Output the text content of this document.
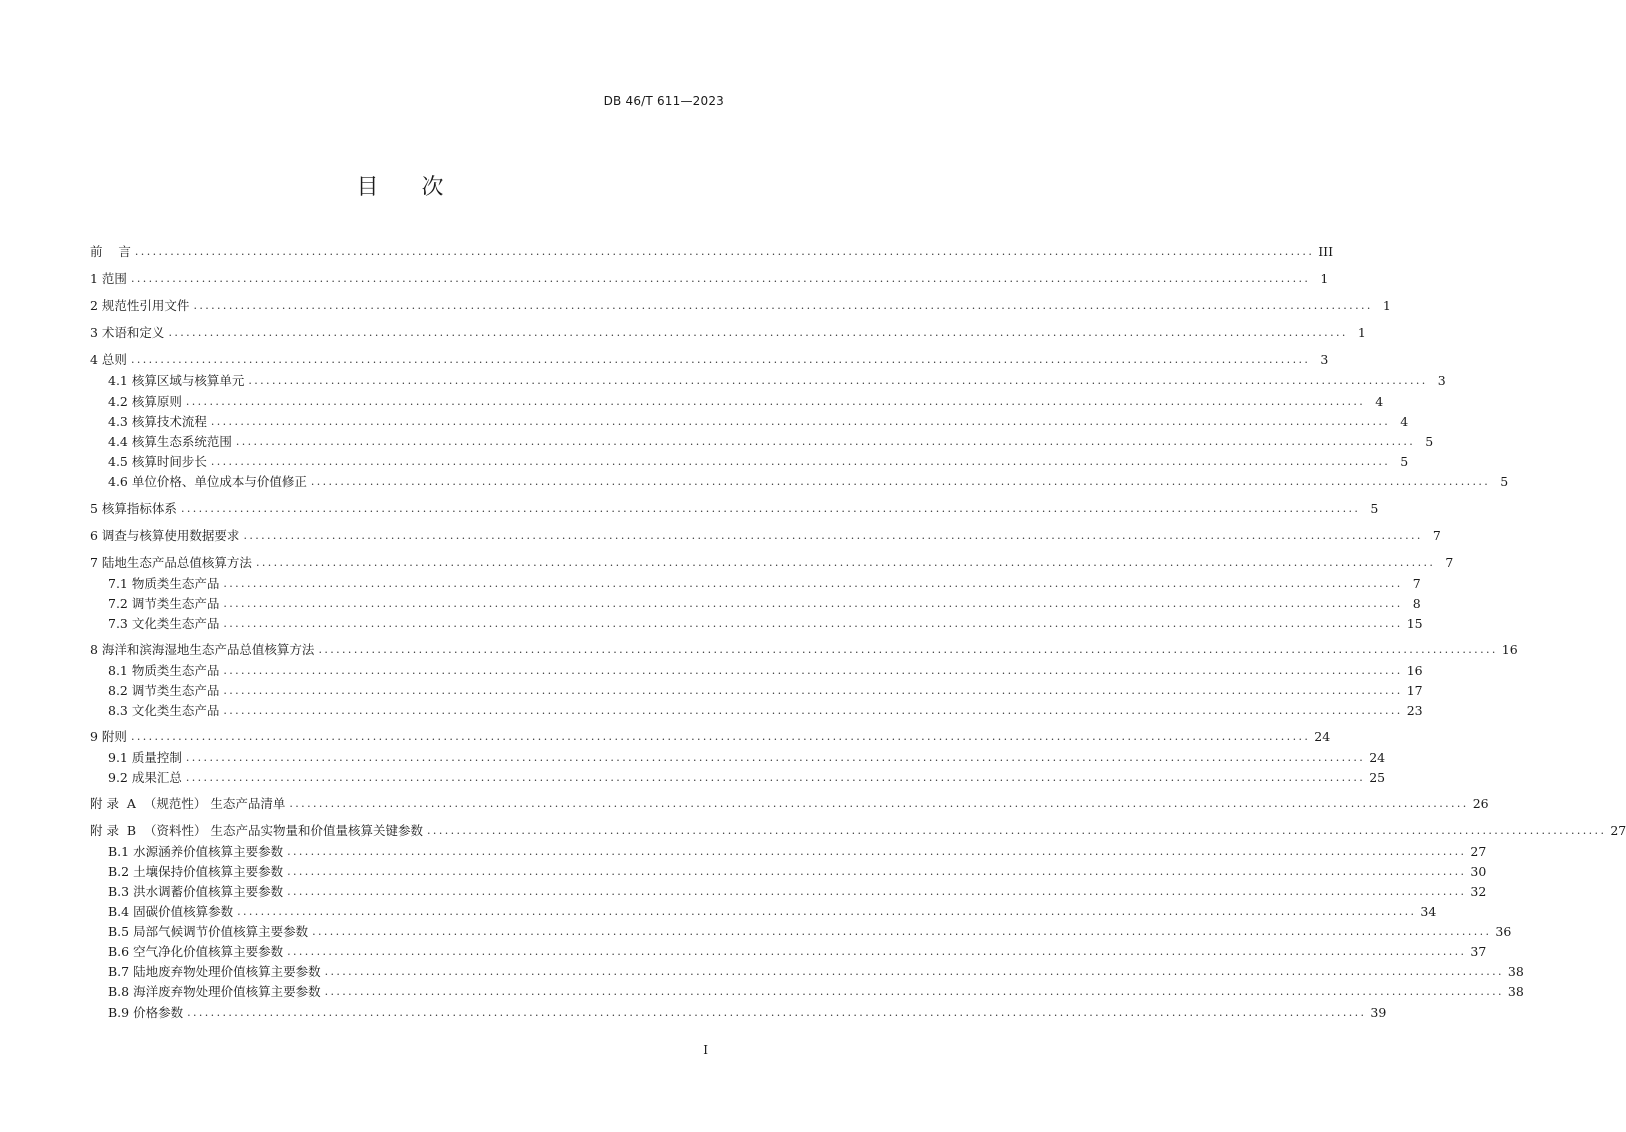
DB 46/T 611—2023
目 次
前    言 ........................................................................................................................................................................................................ III
1 范围 ........................................................................................................................................................................................................ 1
2 规范性引用文件 ........................................................................................................................................................................................................ 1
3 术语和定义 ........................................................................................................................................................................................................ 1
4 总则 ........................................................................................................................................................................................................ 3
4.1 核算区域与核算单元 ........................................................................................................................................................................................................ 3
4.2 核算原则 ........................................................................................................................................................................................................ 4
4.3 核算技术流程 ........................................................................................................................................................................................................ 4
4.4 核算生态系统范围 ........................................................................................................................................................................................................ 5
4.5 核算时间步长 ........................................................................................................................................................................................................ 5
4.6 单位价格、单位成本与价值修正 ........................................................................................................................................................................................................ 5
5 核算指标体系 ........................................................................................................................................................................................................ 5
6 调查与核算使用数据要求 ........................................................................................................................................................................................................ 7
7 陆地生态产品总值核算方法 ........................................................................................................................................................................................................ 7
7.1 物质类生态产品 ........................................................................................................................................................................................................ 7
7.2 调节类生态产品 ........................................................................................................................................................................................................ 8
7.3 文化类生态产品 ........................................................................................................................................................................................................ 15
8 海洋和滨海湿地生态产品总值核算方法 ........................................................................................................................................................................................................ 16
8.1 物质类生态产品 ........................................................................................................................................................................................................ 16
8.2 调节类生态产品 ........................................................................................................................................................................................................ 17
8.3 文化类生态产品 ........................................................................................................................................................................................................ 23
9 附则 ........................................................................................................................................................................................................ 24
9.1 质量控制 ........................................................................................................................................................................................................ 24
9.2 成果汇总 ........................................................................................................................................................................................................ 25
附 录  A  （规范性） 生态产品清单 ........................................................................................................................................................................................................ 26
附 录  B  （资料性） 生态产品实物量和价值量核算关键参数 ........................................................................................................................................................................................................ 27
B.1 水源涵养价值核算主要参数 ........................................................................................................................................................................................................ 27
B.2 土壤保持价值核算主要参数 ........................................................................................................................................................................................................ 30
B.3 洪水调蓄价值核算主要参数 ........................................................................................................................................................................................................ 32
B.4 固碳价值核算参数 ........................................................................................................................................................................................................ 34
B.5 局部气候调节价值核算主要参数 ........................................................................................................................................................................................................ 36
B.6 空气净化价值核算主要参数 ........................................................................................................................................................................................................ 37
B.7 陆地废弃物处理价值核算主要参数 ........................................................................................................................................................................................................ 38
B.8 海洋废弃物处理价值核算主要参数 ........................................................................................................................................................................................................ 38
B.9 价格参数 ........................................................................................................................................................................................................ 39
I
